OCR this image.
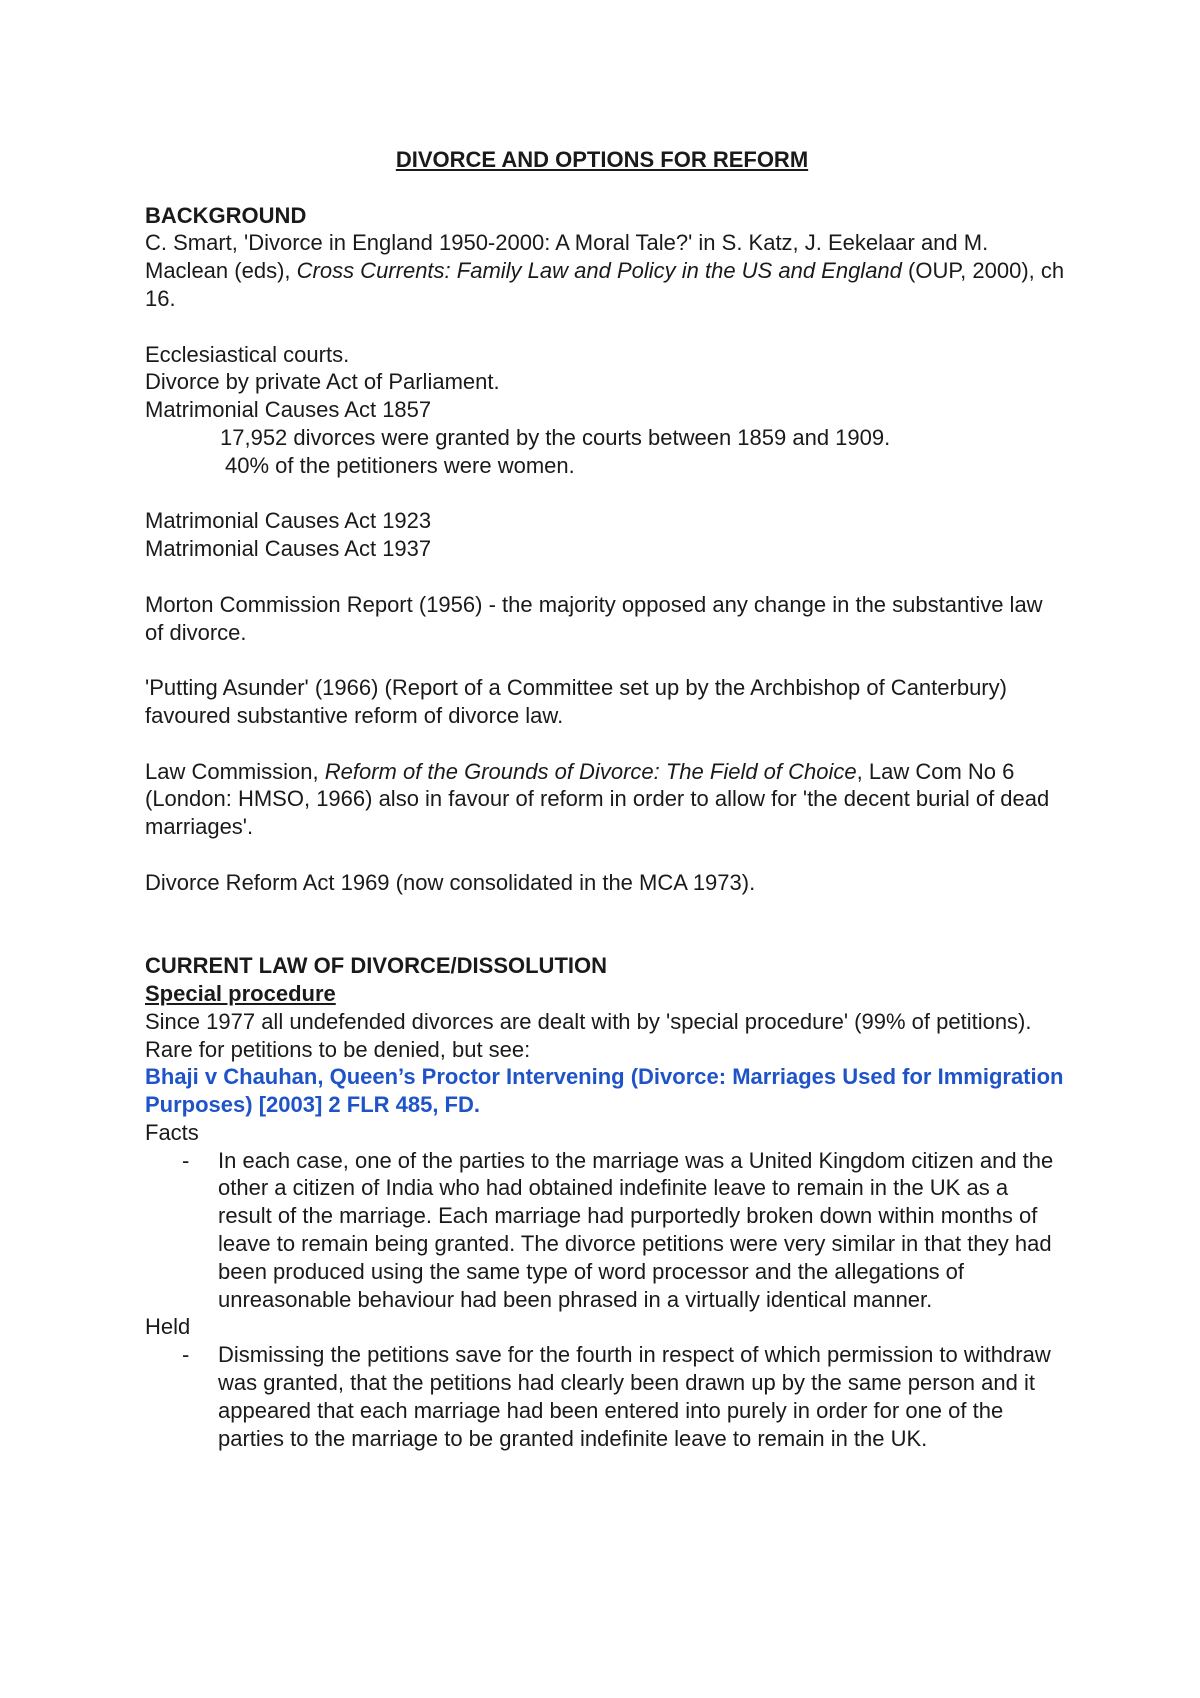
DIVORCE AND OPTIONS FOR REFORM
BACKGROUND
C. Smart, 'Divorce in England 1950-2000: A Moral Tale?' in S. Katz, J. Eekelaar and M. Maclean (eds), Cross Currents: Family Law and Policy in the US and England (OUP, 2000), ch 16.
Ecclesiastical courts.
Divorce by private Act of Parliament.
Matrimonial Causes Act 1857
17,952 divorces were granted by the courts between 1859 and 1909.
40% of the petitioners were women.
Matrimonial Causes Act 1923
Matrimonial Causes Act 1937
Morton Commission Report (1956) - the majority opposed any change in the substantive law of divorce.
'Putting Asunder' (1966) (Report of a Committee set up by the Archbishop of Canterbury) favoured substantive reform of divorce law.
Law Commission, Reform of the Grounds of Divorce: The Field of Choice, Law Com No 6 (London: HMSO, 1966) also in favour of reform in order to allow for 'the decent burial of dead marriages'.
Divorce Reform Act 1969 (now consolidated in the MCA 1973).
CURRENT LAW OF DIVORCE/DISSOLUTION
Special procedure
Since 1977 all undefended divorces are dealt with by 'special procedure' (99% of petitions).
Rare for petitions to be denied, but see:
Bhaji v Chauhan, Queen’s Proctor Intervening (Divorce: Marriages Used for Immigration Purposes) [2003] 2 FLR 485, FD.
Facts
- In each case, one of the parties to the marriage was a United Kingdom citizen and the other a citizen of India who had obtained indefinite leave to remain in the UK as a result of the marriage. Each marriage had purportedly broken down within months of leave to remain being granted. The divorce petitions were very similar in that they had been produced using the same type of word processor and the allegations of unreasonable behaviour had been phrased in a virtually identical manner.
Held
- Dismissing the petitions save for the fourth in respect of which permission to withdraw was granted, that the petitions had clearly been drawn up by the same person and it appeared that each marriage had been entered into purely in order for one of the parties to the marriage to be granted indefinite leave to remain in the UK.
